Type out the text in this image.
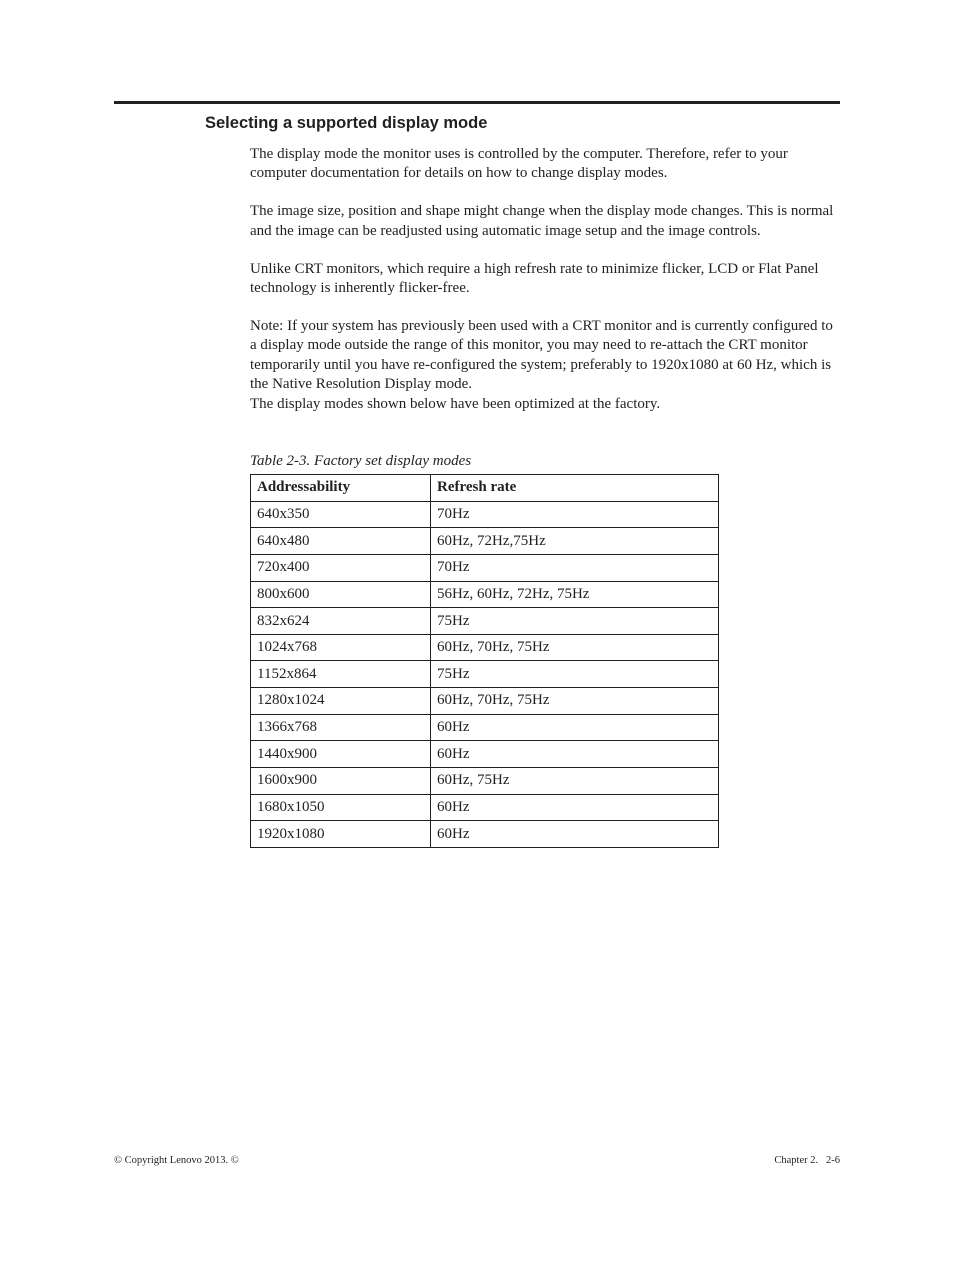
Selecting a supported display mode

The display mode the monitor uses is controlled by the computer. Therefore, refer to your computer documentation for details on how to change display modes.

The image size, position and shape might change when the display mode changes. This is normal and the image can be readjusted using automatic image setup and the image controls.

Unlike CRT monitors, which require a high refresh rate to minimize flicker, LCD or Flat Panel technology is inherently flicker-free.

Note: If your system has previously been used with a CRT monitor and is currently configured to a display mode outside the range of this monitor, you may need to re-attach the CRT monitor temporarily until you have re-configured the system; preferably to 1920x1080 at 60 Hz, which is the Native Resolution Display mode.

The display modes shown below have been optimized at the factory.

Table 2-3. Factory set display modes
Addressability	Refresh rate
640x350	70Hz
640x480	60Hz, 72Hz,75Hz
720x400	70Hz
800x600	56Hz, 60Hz, 72Hz, 75Hz
832x624	75Hz
1024x768	60Hz, 70Hz, 75Hz
1152x864	75Hz
1280x1024	60Hz, 70Hz, 75Hz
1366x768	60Hz
1440x900	60Hz
1600x900	60Hz, 75Hz
1680x1050	60Hz
1920x1080	60Hz
© Copyright Lenovo 2013. ©	Chapter 2.   2-6
